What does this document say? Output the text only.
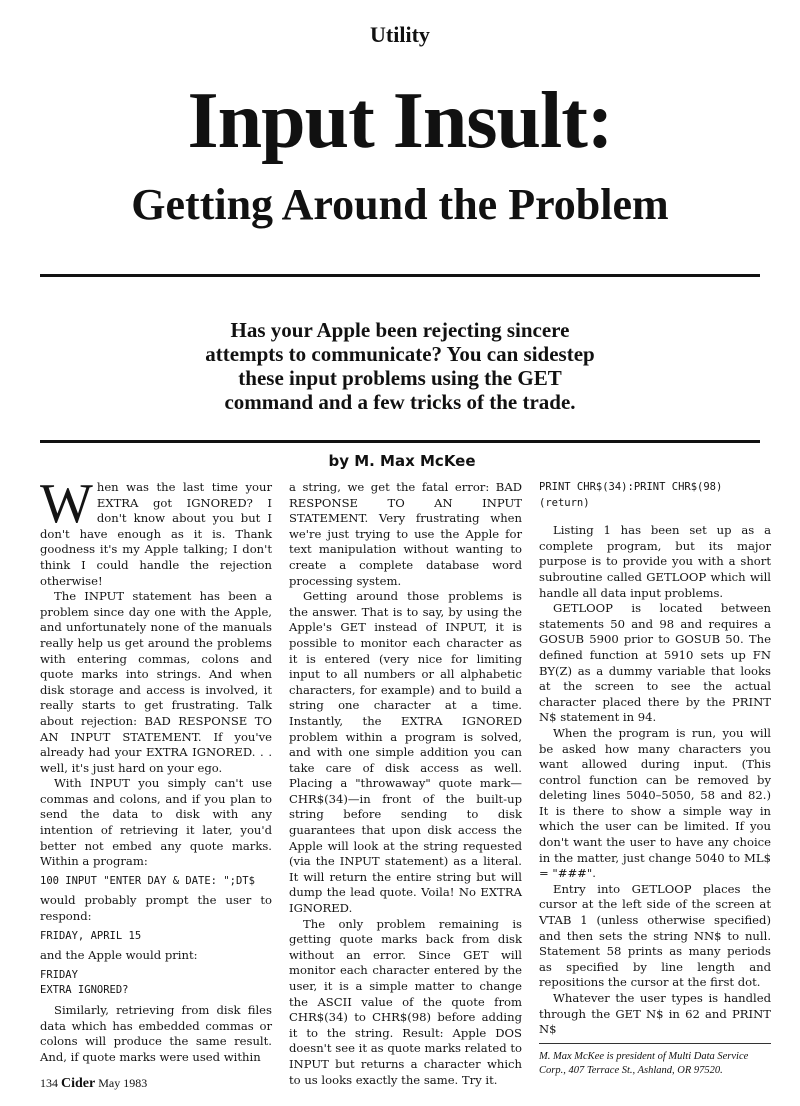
Utility
Input Insult:
Getting Around the Problem
Has your Apple been rejecting sincere
attempts to communicate? You can sidestep
these input problems using the GET
command and a few tricks of the trade.
by M. Max McKee

When was the last time your EXTRA got IGNORED? I don't know about you but I don't have enough as it is. Thank goodness it's my Apple talking; I don't think I could handle the rejection otherwise!

The INPUT statement has been a problem since day one with the Apple, and unfortunately none of the manuals really help us get around the problems with entering commas, colons and quote marks into strings. And when disk storage and access is involved, it really starts to get frustrating. Talk about rejection: BAD RESPONSE TO AN INPUT STATEMENT. If you've already had your EXTRA IGNORED. . . well, it's just hard on your ego.

With INPUT you simply can't use commas and colons, and if you plan to send the data to disk with any intention of retrieving it later, you'd better not embed any quote marks. Within a program:

100 INPUT "ENTER DAY & DATE: ";DT$

would probably prompt the user to respond:

FRIDAY, APRIL 15

and the Apple would print:

FRIDAY

EXTRA IGNORED?

Similarly, retrieving from disk files data which has embedded commas or colons will produce the same result. And, if quote marks were used within

a string, we get the fatal error: BAD RESPONSE TO AN INPUT STATEMENT. Very frustrating when we're just trying to use the Apple for text manipulation without wanting to create a complete database word processing system.

Getting around those problems is the answer. That is to say, by using the Apple's GET instead of INPUT, it is possible to monitor each character as it is entered (very nice for limiting input to all numbers or all alphabetic characters, for example) and to build a string one character at a time. Instantly, the EXTRA IGNORED problem within a program is solved, and with one simple addition you can take care of disk access as well. Placing a "throwaway" quote mark—CHR$(34)—in front of the built-up string before sending to disk guarantees that upon disk access the Apple will look at the string requested (via the INPUT statement) as a literal. It will return the entire string but will dump the lead quote. Voila! No EXTRA IGNORED.

The only problem remaining is getting quote marks back from disk without an error. Since GET will monitor each character entered by the user, it is a simple matter to change the ASCII value of the quote from CHR$(34) to CHR$(98) before adding it to the string. Result: Apple DOS doesn't see it as quote marks related to INPUT but returns a character which to us looks exactly the same. Try it.

PRINT CHR$(34):PRINT CHR$(98) (return)

Listing 1 has been set up as a complete program, but its major purpose is to provide you with a short subroutine called GETLOOP which will handle all data input problems.

GETLOOP is located between statements 50 and 98 and requires a GOSUB 5900 prior to GOSUB 50. The defined function at 5910 sets up FN BY(Z) as a dummy variable that looks at the screen to see the actual character placed there by the PRINT N$ statement in 94.

When the program is run, you will be asked how many characters you want allowed during input. (This control function can be removed by deleting lines 5040–5050, 58 and 82.) It is there to show a simple way in which the user can be limited. If you don't want the user to have any choice in the matter, just change 5040 to ML$ = "###".

Entry into GETLOOP places the cursor at the left side of the screen at VTAB 1 (unless otherwise specified) and then sets the string NN$ to null. Statement 58 prints as many periods as specified by line length and repositions the cursor at the first dot.

Whatever the user types is handled through the GET N$ in 62 and PRINT N$

M. Max McKee is president of Multi Data Service Corp., 407 Terrace St., Ashland, OR 97520.
134 Cider May 1983
